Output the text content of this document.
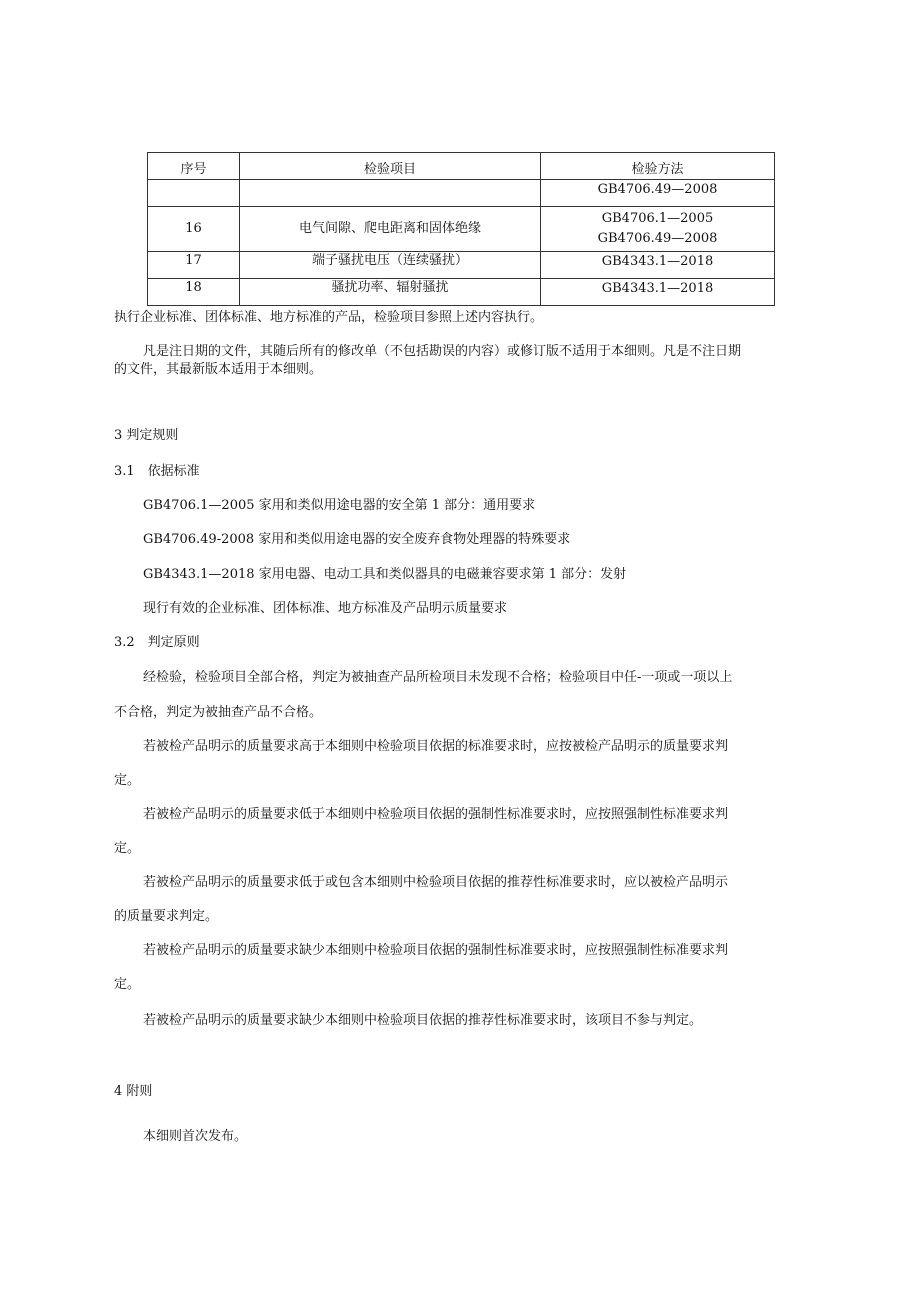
序号	检验项目	检验方法

		GB4706.49—2008

16	电气间隙、爬电距离和固体绝缘	GB4706.1—2005
GB4706.49—2008

17	端子骚扰电压（连续骚扰）	GB4343.1—2018

18	骚扰功率、辐射骚扰	GB4343.1—2018
执行企业标准、团体标准、地方标准的产品，检验项目参照上述内容执行。
凡是注日期的文件，其随后所有的修改单（不包括勘误的内容）或修订版不适用于本细则。凡是不注日期
的文件，其最新版本适用于本细则。
3 判定规则
3.1　依据标准
GB4706.1—2005 家用和类似用途电器的安全第 1 部分：通用要求
GB4706.49-2008 家用和类似用途电器的安全废弃食物处理器的特殊要求
GB4343.1—2018 家用电器、电动工具和类似器具的电磁兼容要求第 1 部分：发射
现行有效的企业标准、团体标准、地方标准及产品明示质量要求
3.2　判定原则
经检验，检验项目全部合格，判定为被抽查产品所检项目未发现不合格；检验项目中任-一项或一项以上
不合格，判定为被抽查产品不合格。
若被检产品明示的质量要求高于本细则中检验项目依据的标准要求时，应按被检产品明示的质量要求判
定。
若被检产品明示的质量要求低于本细则中检验项目依据的强制性标准要求时，应按照强制性标准要求判
定。
若被检产品明示的质量要求低于或包含本细则中检验项目依据的推荐性标准要求时，应以被检产品明示
的质量要求判定。
若被检产品明示的质量要求缺少本细则中检验项目依据的强制性标准要求时，应按照强制性标准要求判
定。
若被检产品明示的质量要求缺少本细则中检验项目依据的推荐性标准要求时，该项目不参与判定。
4 附则
本细则首次发布。
